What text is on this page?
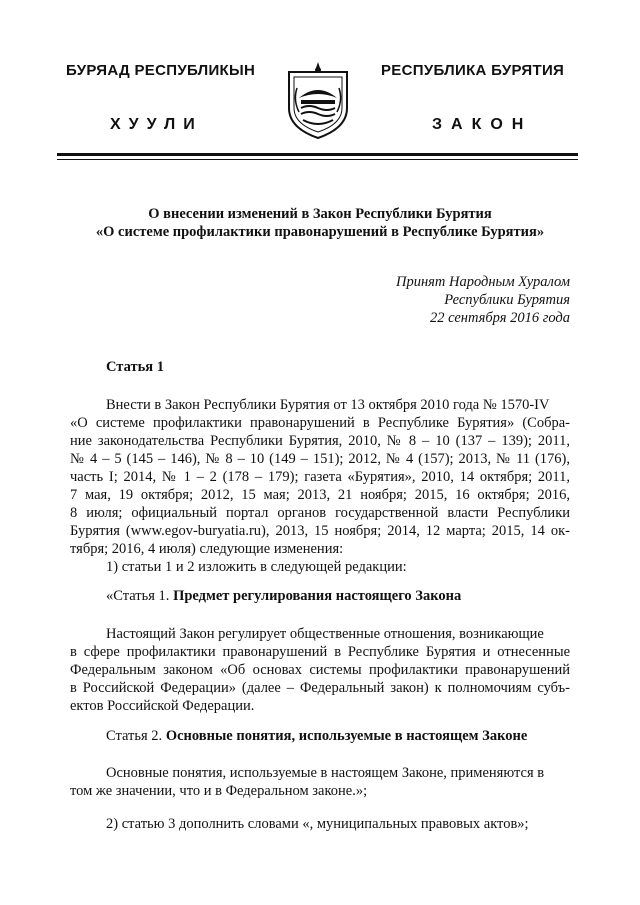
БУРЯАД РЕСПУБЛИКЫН
ХУУЛИ
РЕСПУБЛИКА БУРЯТИЯ
ЗАКОН
О внесении изменений в Закон Республики Бурятия
«О системе профилактики правонарушений в Республике Бурятия»
Принят Народным Хуралом
Республики Бурятия
22 сентября 2016 года
Статья 1
Внести в Закон Республики Бурятия от 13 октября 2010 года № 1570-IV
«О системе профилактики правонарушений в Республике Бурятия» (Собра-
ние законодательства Республики Бурятия, 2010, № 8 – 10 (137 – 139); 2011,
№ 4 – 5 (145 – 146), № 8 – 10 (149 – 151); 2012, № 4 (157); 2013, № 11 (176),
часть I; 2014, № 1 – 2 (178 – 179); газета «Бурятия», 2010, 14 октября; 2011,
7 мая, 19 октября; 2012, 15 мая; 2013, 21 ноября; 2015, 16 октября; 2016,
8 июля; официальный портал органов государственной власти Республики
Бурятия (www.egov-buryatia.ru), 2013, 15 ноября; 2014, 12 марта; 2015, 14 ок-
тября; 2016, 4 июля) следующие изменения:
1) статьи 1 и 2 изложить в следующей редакции:
«Статья 1. Предмет регулирования настоящего Закона
Настоящий Закон регулирует общественные отношения, возникающие
в сфере профилактики правонарушений в Республике Бурятия и отнесенные
Федеральным законом «Об основах системы профилактики правонарушений
в Российской Федерации» (далее – Федеральный закон) к полномочиям субъ-
ектов Российской Федерации.
Статья 2. Основные понятия, используемые в настоящем Законе
Основные понятия, используемые в настоящем Законе, применяются в
том же значении, что и в Федеральном законе.»;
2) статью 3 дополнить словами «, муниципальных правовых актов»;
